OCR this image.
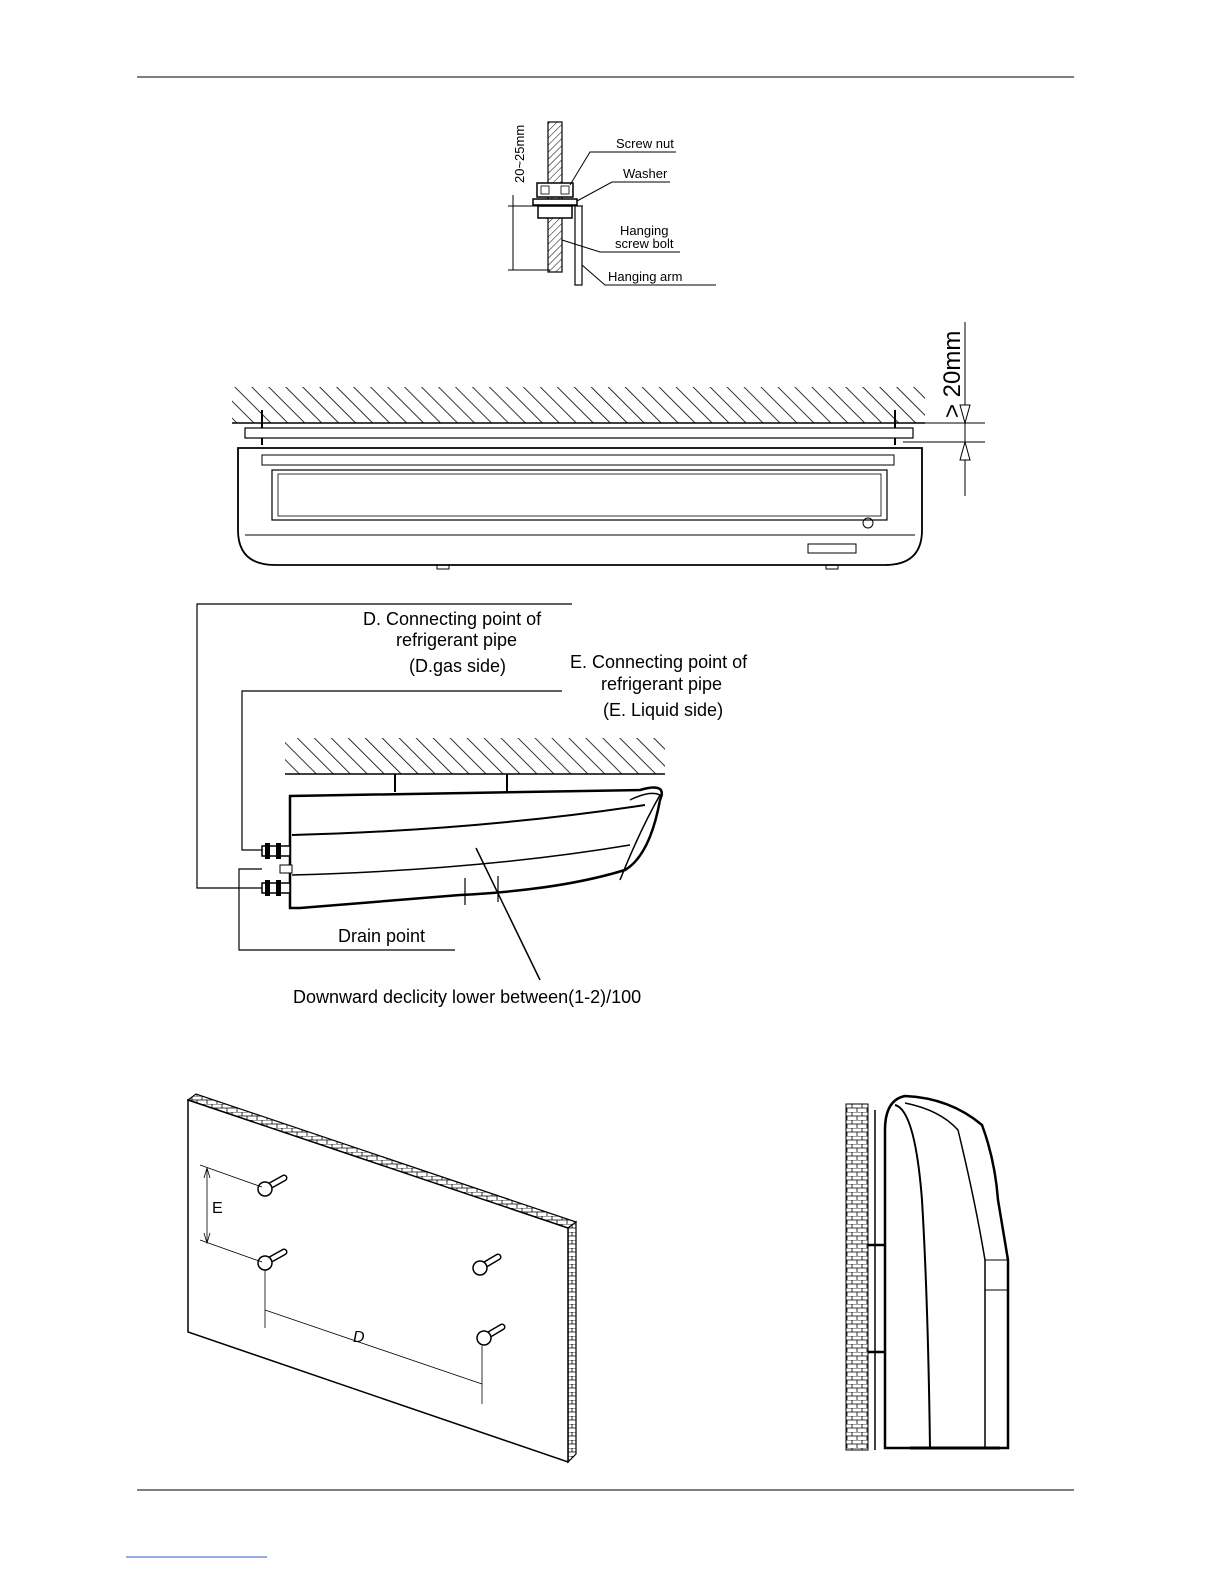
20~25mm	Screw nut
Washer
Hanging
screw bolt
Hanging arm
> 20mm
D. Connecting point of
refrigerant pipe
(D.gas side)	E. Connecting point of
refrigerant pipe
(E. Liquid side)
Drain point
Downward declicity lower between(1-2)/100
E
D
